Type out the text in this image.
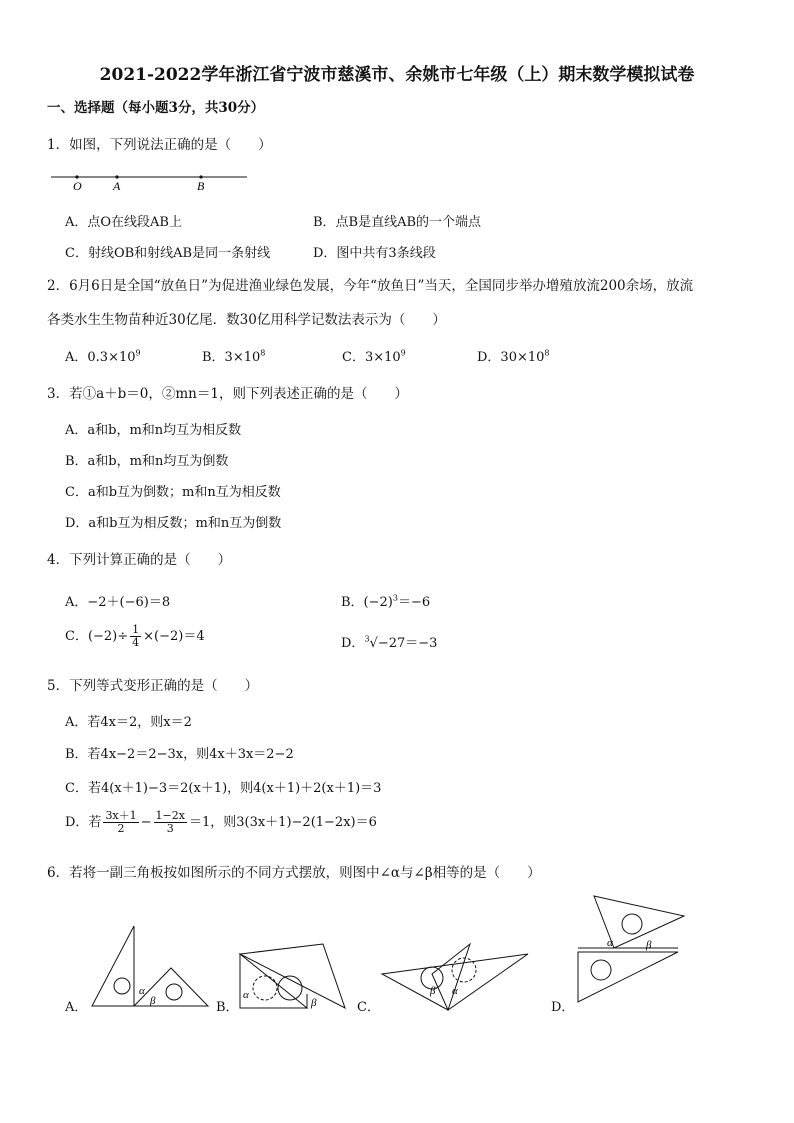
2021-2022学年浙江省宁波市慈溪市、余姚市七年级（上）期末数学模拟试卷
一、选择题（每小题3分，共30分）
1．如图，下列说法正确的是（　　）
O	A	B
A．点O在线段AB上	B．点B是直线AB的一个端点
C．射线OB和射线AB是同一条射线	D．图中共有3条线段
2．6月6日是全国“放鱼日”为促进渔业绿色发展，今年“放鱼日”当天，全国同步举办增殖放流200余场，放流
各类水生生物苗种近30亿尾．数30亿用科学记数法表示为（　　）
A．$0.3\times 10^9$	B．$3\times 10^8$	C．$3\times 10^9$	D．$30\times 10^8$
3．若①a＋b＝0，②mn＝1，则下列表述正确的是（　　）
A．a和b，m和n均互为相反数
B．a和b，m和n均互为倒数
C．a和b互为倒数；m和n互为相反数
D．a和b互为相反数；m和n互为倒数
4．下列计算正确的是（　　）
A．−2＋(−6)＝8	B．$(-2)^3=-6$
C．$(-2)\div \frac{1}{4} \times(-2)=4$	D．$^3$√−27＝−3
5．下列等式变形正确的是（　　）
A．若4x＝2，则x＝2
B．若4x−2＝2−3x，则4x＋3x＝2−2
C．若4(x＋1)−3＝2(x＋1)，则4(x＋1)＋2(x＋1)＝3
D．若 $\frac{3x+1}{2} - \frac{1-2x}{3} =1$，则3(3x＋1)−2(1−2x)＝6
6．若将一副三角板按如图所示的不同方式摆放，则图中∠α与∠β相等的是（　　）
A．
α
β	B．
α
β	C．
β α
D．
α	β
